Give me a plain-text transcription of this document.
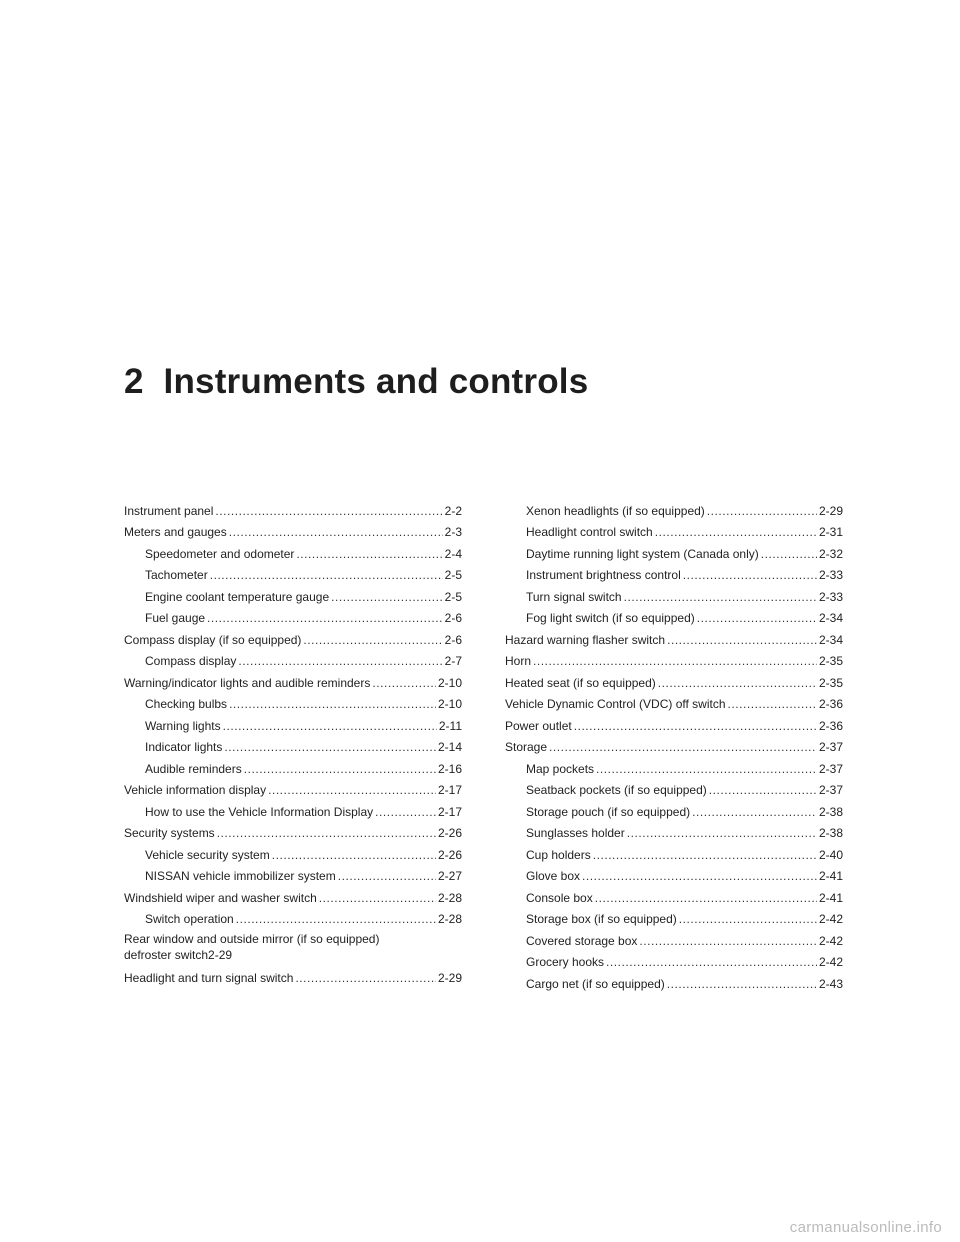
2 Instruments and controls
Instrument panel . . .	2-2
Meters and gauges . . .	2-3
Speedometer and odometer . . .	2-4
Tachometer . . .	2-5
Engine coolant temperature gauge . . .	2-5
Fuel gauge . . .	2-6
Compass display (if so equipped) . . .	2-6
Compass display . . .	2-7
Warning/indicator lights and audible reminders . . .	2-10
Checking bulbs . . .	2-10
Warning lights . . .	2-11
Indicator lights . . .	2-14
Audible reminders . . .	2-16
Vehicle information display . . .	2-17
How to use the Vehicle Information Display . . .	2-17
Security systems . . .	2-26
Vehicle security system . . .	2-26
NISSAN vehicle immobilizer system . . .	2-27
Windshield wiper and washer switch . . .	2-28
Switch operation . . .	2-28
Rear window and outside mirror (if so equipped)
defroster switch 2-29
Headlight and turn signal switch . . .	2-29
Xenon headlights (if so equipped) . . .	2-29
Headlight control switch . . .	2-31
Daytime running light system (Canada only) . . .	2-32
Instrument brightness control . . .	2-33
Turn signal switch . . .	2-33
Fog light switch (if so equipped) . . .	2-34
Hazard warning flasher switch . . .	2-34
Horn . . .	2-35
Heated seat (if so equipped) . . .	2-35
Vehicle Dynamic Control (VDC) off switch . . .	2-36
Power outlet . . .	2-36
Storage . . .	2-37
Map pockets . . .	2-37
Seatback pockets (if so equipped) . . .	2-37
Storage pouch (if so equipped) . . .	2-38
Sunglasses holder . . .	2-38
Cup holders . . .	2-40
Glove box . . .	2-41
Console box . . .	2-41
Storage box (if so equipped) . . .	2-42
Covered storage box . . .	2-42
Grocery hooks . . .	2-42
Cargo net (if so equipped) . . .	2-43
carmanualsonline.info
